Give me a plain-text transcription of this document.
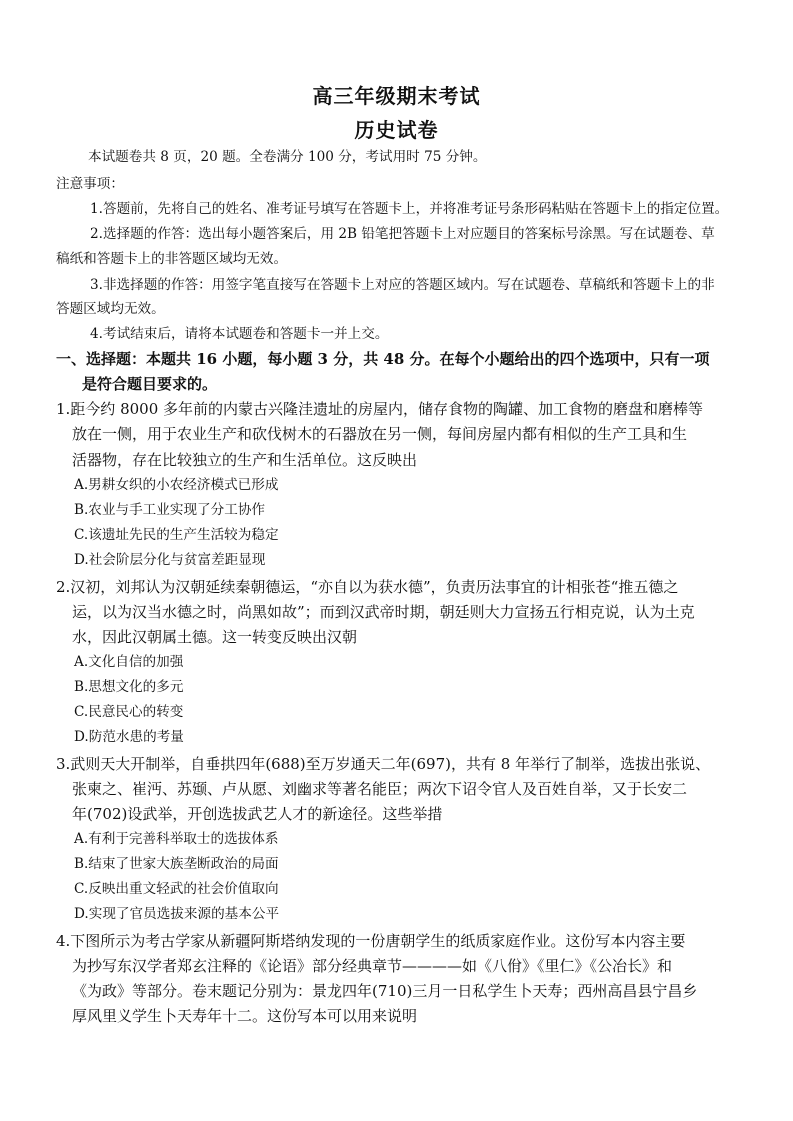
高三年级期末考试
历史试卷
本试题卷共 8 页，20 题。全卷满分 100 分，考试用时 75 分钟。
注意事项：
1.答题前，先将自己的姓名、准考证号填写在答题卡上，并将准考证号条形码粘贴在答题卡上的指定位置。
2.选择题的作答：选出每小题答案后，用 2B 铅笔把答题卡上对应题目的答案标号涂黑。写在试题卷、草
稿纸和答题卡上的非答题区域均无效。
3.非选择题的作答：用签字笔直接写在答题卡上对应的答题区域内。写在试题卷、草稿纸和答题卡上的非
答题区域均无效。
4.考试结束后，请将本试题卷和答题卡一并上交。
一、选择题：本题共 16 小题，每小题 3 分，共 48 分。在每个小题给出的四个选项中，只有一项
是符合题目要求的。
1.距今约 8000 多年前的内蒙古兴隆洼遗址的房屋内，储存食物的陶罐、加工食物的磨盘和磨棒等
放在一侧，用于农业生产和砍伐树木的石器放在另一侧，每间房屋内都有相似的生产工具和生
活器物，存在比较独立的生产和生活单位。这反映出
A.男耕女织的小农经济模式已形成
B.农业与手工业实现了分工协作
C.该遗址先民的生产生活较为稳定
D.社会阶层分化与贫富差距显现
2.汉初，刘邦认为汉朝延续秦朝德运，“亦自以为获水德”，负责历法事宜的计相张苍“推五德之
运，以为汉当水德之时，尚黑如故”；而到汉武帝时期，朝廷则大力宣扬五行相克说，认为土克
水，因此汉朝属土德。这一转变反映出汉朝
A.文化自信的加强
B.思想文化的多元
C.民意民心的转变
D.防范水患的考量
3.武则天大开制举，自垂拱四年(688)至万岁通天二年(697)，共有 8 年举行了制举，选拔出张说、
张柬之、崔沔、苏颋、卢从愿、刘幽求等著名能臣；两次下诏令官人及百姓自举，又于长安二
年(702)设武举，开创选拔武艺人才的新途径。这些举措
A.有利于完善科举取士的选拔体系
B.结束了世家大族垄断政治的局面
C.反映出重文轻武的社会价值取向
D.实现了官员选拔来源的基本公平
4.下图所示为考古学家从新疆阿斯塔纳发现的一份唐朝学生的纸质家庭作业。这份写本内容主要
为抄写东汉学者郑玄注释的《论语》部分经典章节————如《八佾》《里仁》《公冶长》和
《为政》等部分。卷末题记分别为：景龙四年(710)三月一日私学生卜天寿；西州高昌县宁昌乡
厚风里义学生卜天寿年十二。这份写本可以用来说明
